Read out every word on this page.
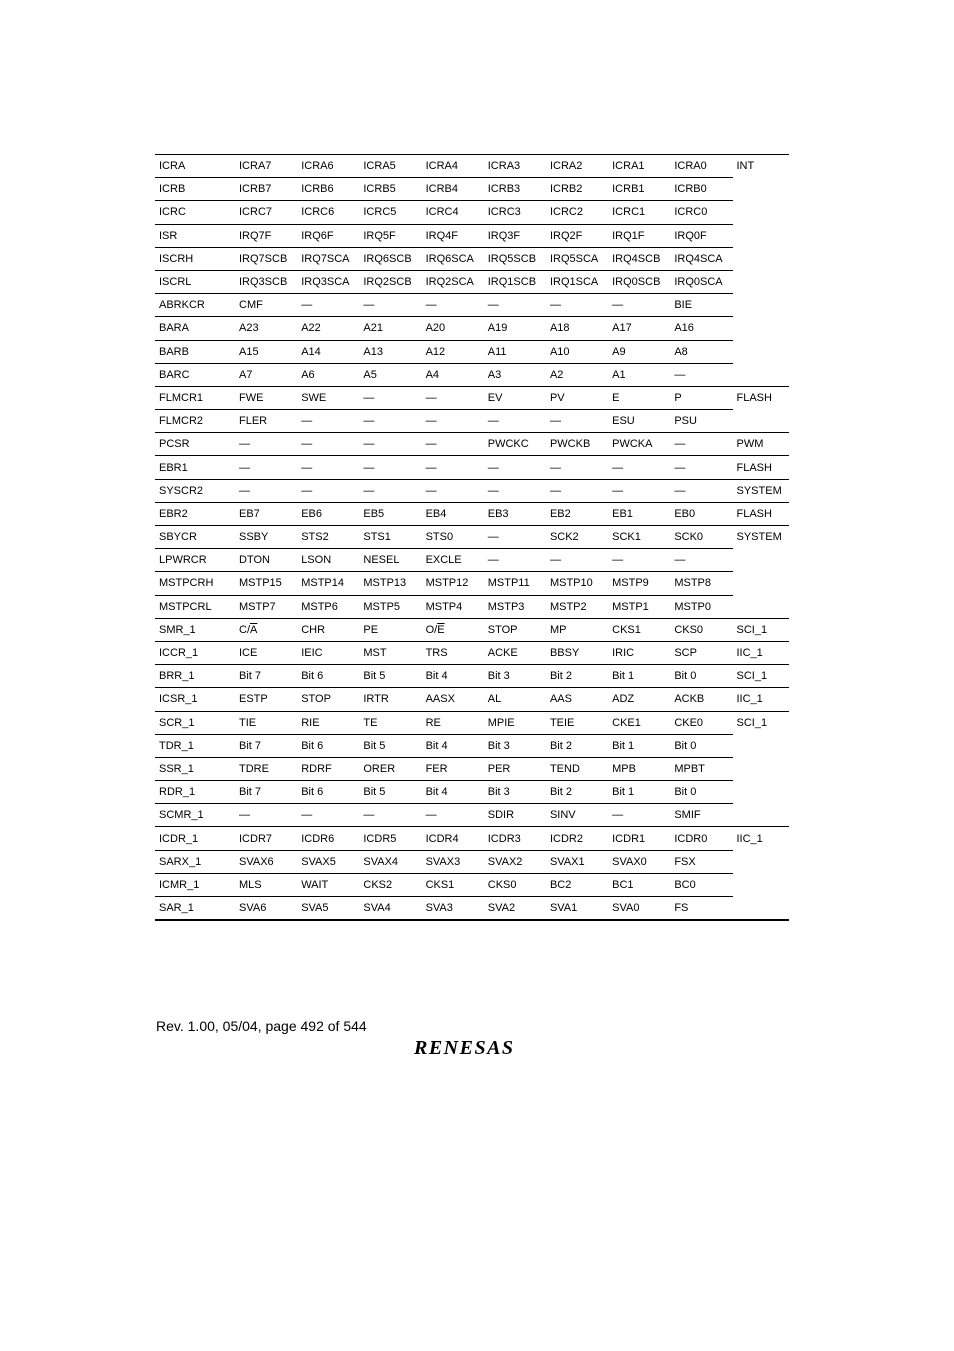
ICRA	ICRA7	ICRA6	ICRA5	ICRA4	ICRA3	ICRA2	ICRA1	ICRA0	INT
ICRB	ICRB7	ICRB6	ICRB5	ICRB4	ICRB3	ICRB2	ICRB1	ICRB0	
ICRC	ICRC7	ICRC6	ICRC5	ICRC4	ICRC3	ICRC2	ICRC1	ICRC0	
ISR	IRQ7F	IRQ6F	IRQ5F	IRQ4F	IRQ3F	IRQ2F	IRQ1F	IRQ0F	
ISCRH	IRQ7SCB	IRQ7SCA	IRQ6SCB	IRQ6SCA	IRQ5SCB	IRQ5SCA	IRQ4SCB	IRQ4SCA	
ISCRL	IRQ3SCB	IRQ3SCA	IRQ2SCB	IRQ2SCA	IRQ1SCB	IRQ1SCA	IRQ0SCB	IRQ0SCA	
ABRKCR	CMF	—	—	—	—	—	—	BIE	
BARA	A23	A22	A21	A20	A19	A18	A17	A16	
BARB	A15	A14	A13	A12	A11	A10	A9	A8	
BARC	A7	A6	A5	A4	A3	A2	A1	—	
FLMCR1	FWE	SWE	—	—	EV	PV	E	P	FLASH
FLMCR2	FLER	—	—	—	—	—	ESU	PSU	
PCSR	—	—	—	—	PWCKC	PWCKB	PWCKA	—	PWM
EBR1	—	—	—	—	—	—	—	—	FLASH
SYSCR2	—	—	—	—	—	—	—	—	SYSTEM
EBR2	EB7	EB6	EB5	EB4	EB3	EB2	EB1	EB0	FLASH
SBYCR	SSBY	STS2	STS1	STS0	—	SCK2	SCK1	SCK0	SYSTEM
LPWRCR	DTON	LSON	NESEL	EXCLE	—	—	—	—	
MSTPCRH	MSTP15	MSTP14	MSTP13	MSTP12	MSTP11	MSTP10	MSTP9	MSTP8	
MSTPCRL	MSTP7	MSTP6	MSTP5	MSTP4	MSTP3	MSTP2	MSTP1	MSTP0	
SMR_1	$C/\overline{A}$	CHR	PE	$O/\overline{E}$	STOP	MP	CKS1	CKS0	SCI_1
ICCR_1	ICE	IEIC	MST	TRS	ACKE	BBSY	IRIC	SCP	IIC_1
BRR_1	Bit 7	Bit 6	Bit 5	Bit 4	Bit 3	Bit 2	Bit 1	Bit 0	SCI_1
ICSR_1	ESTP	STOP	IRTR	AASX	AL	AAS	ADZ	ACKB	IIC_1
SCR_1	TIE	RIE	TE	RE	MPIE	TEIE	CKE1	CKE0	SCI_1
TDR_1	Bit 7	Bit 6	Bit 5	Bit 4	Bit 3	Bit 2	Bit 1	Bit 0	
SSR_1	TDRE	RDRF	ORER	FER	PER	TEND	MPB	MPBT	
RDR_1	Bit 7	Bit 6	Bit 5	Bit 4	Bit 3	Bit 2	Bit 1	Bit 0	
SCMR_1	—	—	—	—	SDIR	SINV	—	SMIF	
ICDR_1	ICDR7	ICDR6	ICDR5	ICDR4	ICDR3	ICDR2	ICDR1	ICDR0	IIC_1
SARX_1	SVAX6	SVAX5	SVAX4	SVAX3	SVAX2	SVAX1	SVAX0	FSX	
ICMR_1	MLS	WAIT	CKS2	CKS1	CKS0	BC2	BC1	BC0	
SAR_1	SVA6	SVA5	SVA4	SVA3	SVA2	SVA1	SVA0	FS	
Rev. 1.00, 05/04, page 492 of 544
RENESAS
